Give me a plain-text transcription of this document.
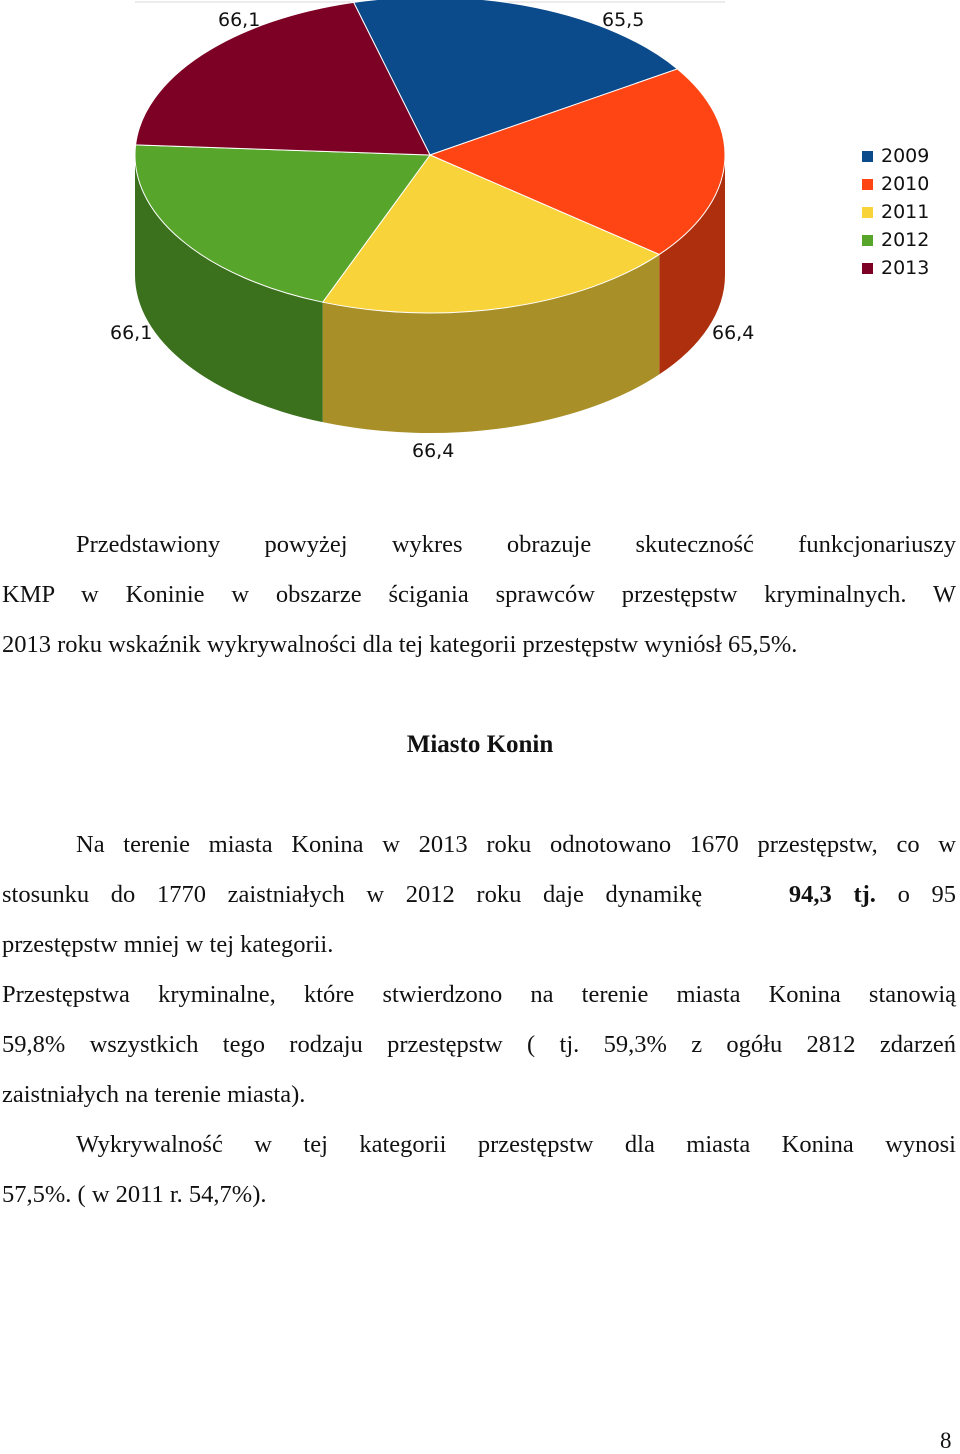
66,1
66,1
66,4
66,4
65,5
2009
2010
2011
2012
2013
Przedstawiony powyżej wykres obrazuje skuteczność funkcjonariuszy
KMP w Koninie w obszarze ścigania sprawców przestępstw kryminalnych. W
2013 roku wskaźnik wykrywalności dla tej kategorii przestępstw wyniósł 65,5%.
Miasto Konin
Na terenie miasta Konina w 2013 roku odnotowano 1670 przestępstw, co w
stosunku do 1770 zaistniałych w 2012 roku daje dynamikę	94,3 tj. o 95
przestępstw mniej w tej kategorii.
Przestępstwa kryminalne, które stwierdzono na terenie miasta Konina stanowią
59,8% wszystkich tego rodzaju przestępstw ( tj. 59,3% z ogółu 2812 zdarzeń
zaistniałych na terenie miasta).
Wykrywalność w tej kategorii przestępstw dla miasta Konina wynosi
57,5%. ( w 2011 r. 54,7%).
8
